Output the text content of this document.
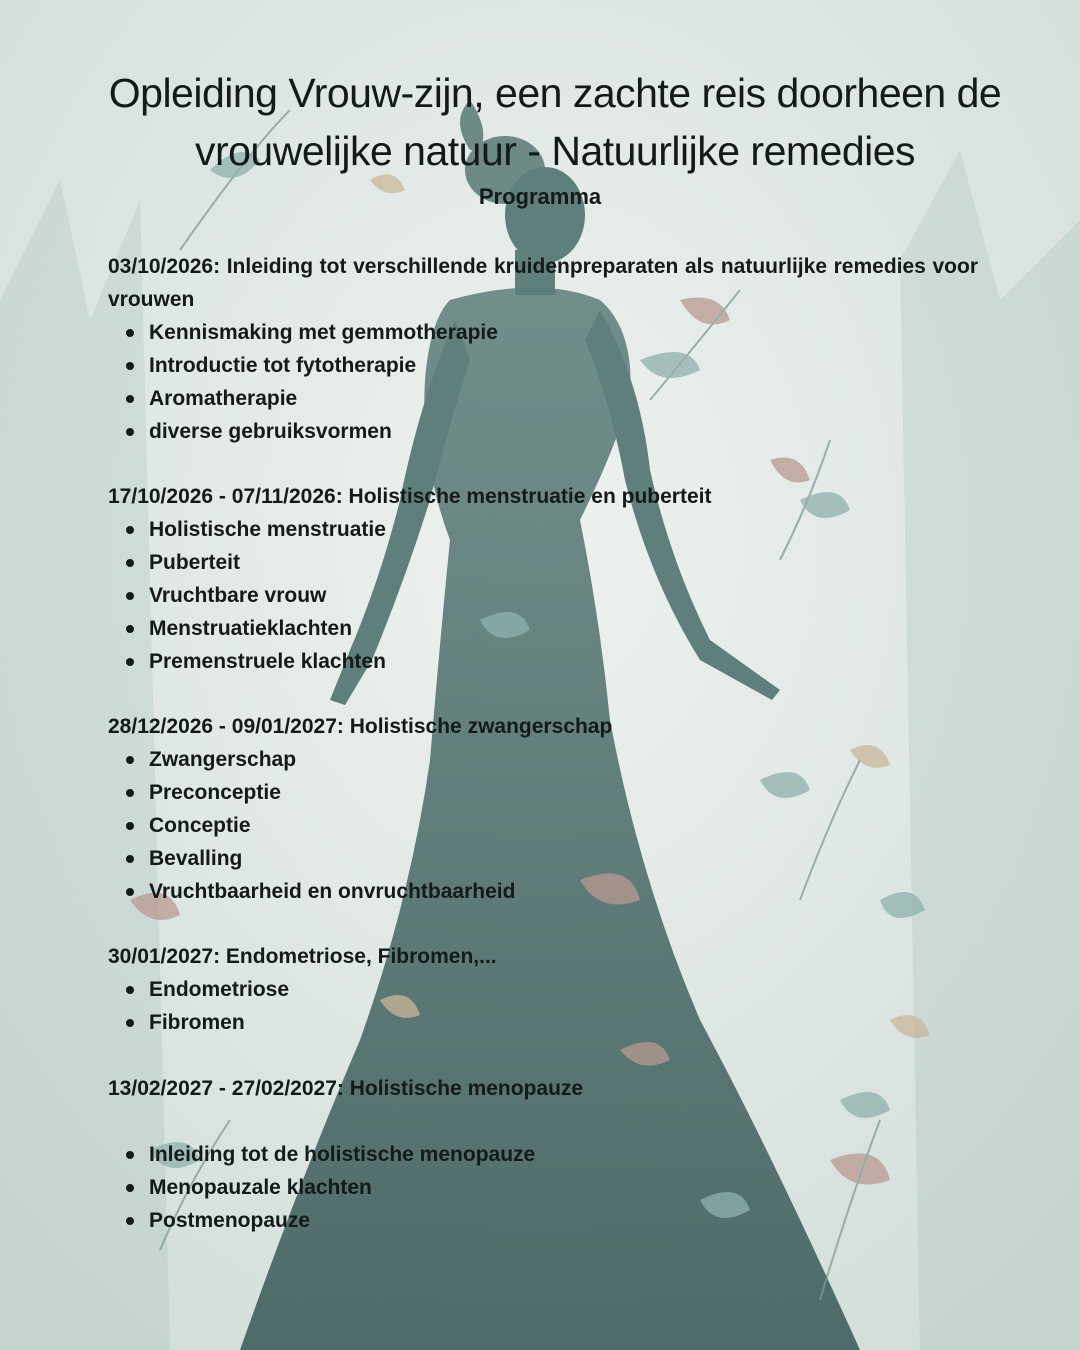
Opleiding Vrouw-zijn, een zachte reis doorheen de vrouwelijke natuur - Natuurlijke remedies
Programma

03/10/2026: Inleiding tot verschillende kruidenpreparaten als natuurlijke remedies voor vrouwen

Kennismaking met gemmotherapie
Introductie tot fytotherapie
Aromatherapie
diverse gebruiksvormen

17/10/2026 - 07/11/2026: Holistische menstruatie en puberteit

Holistische menstruatie
Puberteit
Vruchtbare vrouw
Menstruatieklachten
Premenstruele klachten

28/12/2026 - 09/01/2027: Holistische zwangerschap

Zwangerschap
Preconceptie
Conceptie
Bevalling
Vruchtbaarheid en onvruchtbaarheid

30/01/2027: Endometriose, Fibromen,...

Endometriose
Fibromen

13/02/2027 - 27/02/2027: Holistische menopauze

Inleiding tot de holistische menopauze
Menopauzale klachten
Postmenopauze
